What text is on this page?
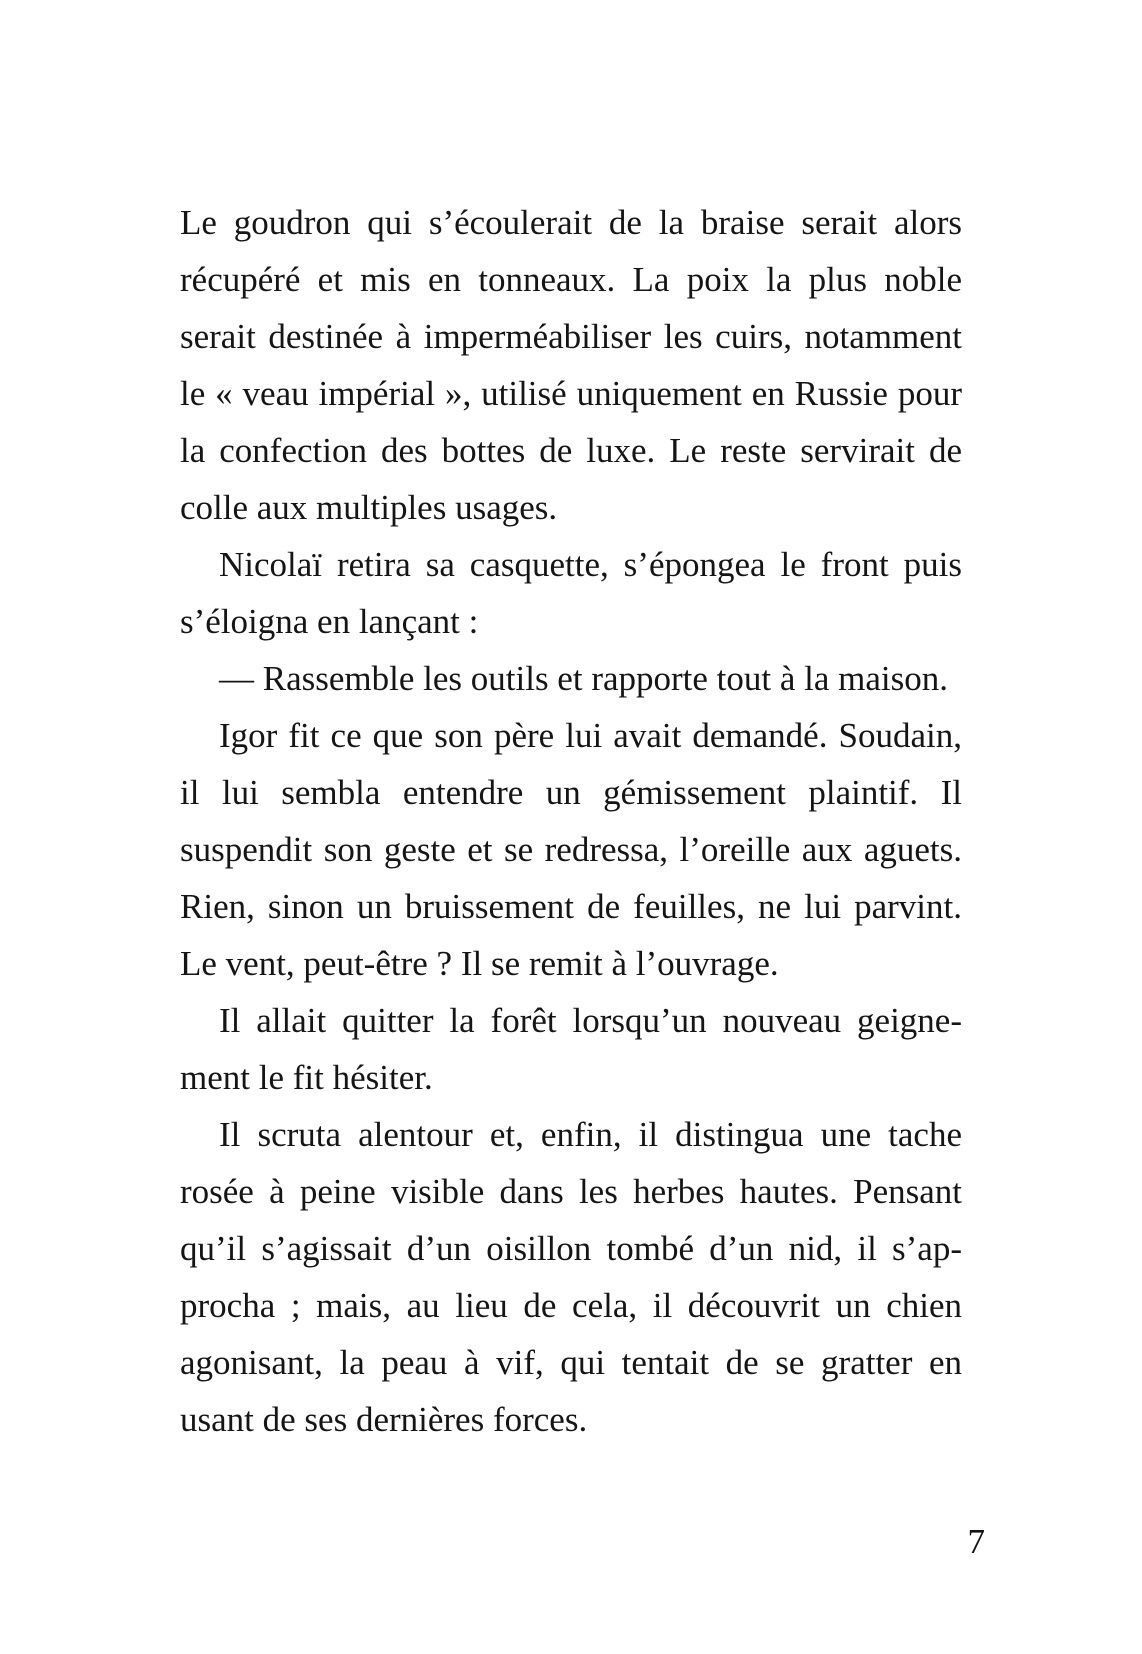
Le goudron qui s’écoulerait de la braise serait alors
récupéré et mis en tonneaux. La poix la plus noble
serait destinée à imperméabiliser les cuirs, notamment
le « veau impérial », utilisé uniquement en Russie pour
la confection des bottes de luxe. Le reste servirait de
colle aux multiples usages.
Nicolaï retira sa casquette, s’épongea le front puis
s’éloigna en lançant :
— Rassemble les outils et rapporte tout à la maison.
Igor fit ce que son père lui avait demandé. Soudain,
il lui sembla entendre un gémissement plaintif. Il
suspendit son geste et se redressa, l’oreille aux aguets.
Rien, sinon un bruissement de feuilles, ne lui parvint.
Le vent, peut-être ? Il se remit à l’ouvrage.
Il allait quitter la forêt lorsqu’un nouveau geigne-
ment le fit hésiter.
Il scruta alentour et, enfin, il distingua une tache
rosée à peine visible dans les herbes hautes. Pensant
qu’il s’agissait d’un oisillon tombé d’un nid, il s’ap-
procha ; mais, au lieu de cela, il découvrit un chien
agonisant, la peau à vif, qui tentait de se gratter en
usant de ses dernières forces.
7
